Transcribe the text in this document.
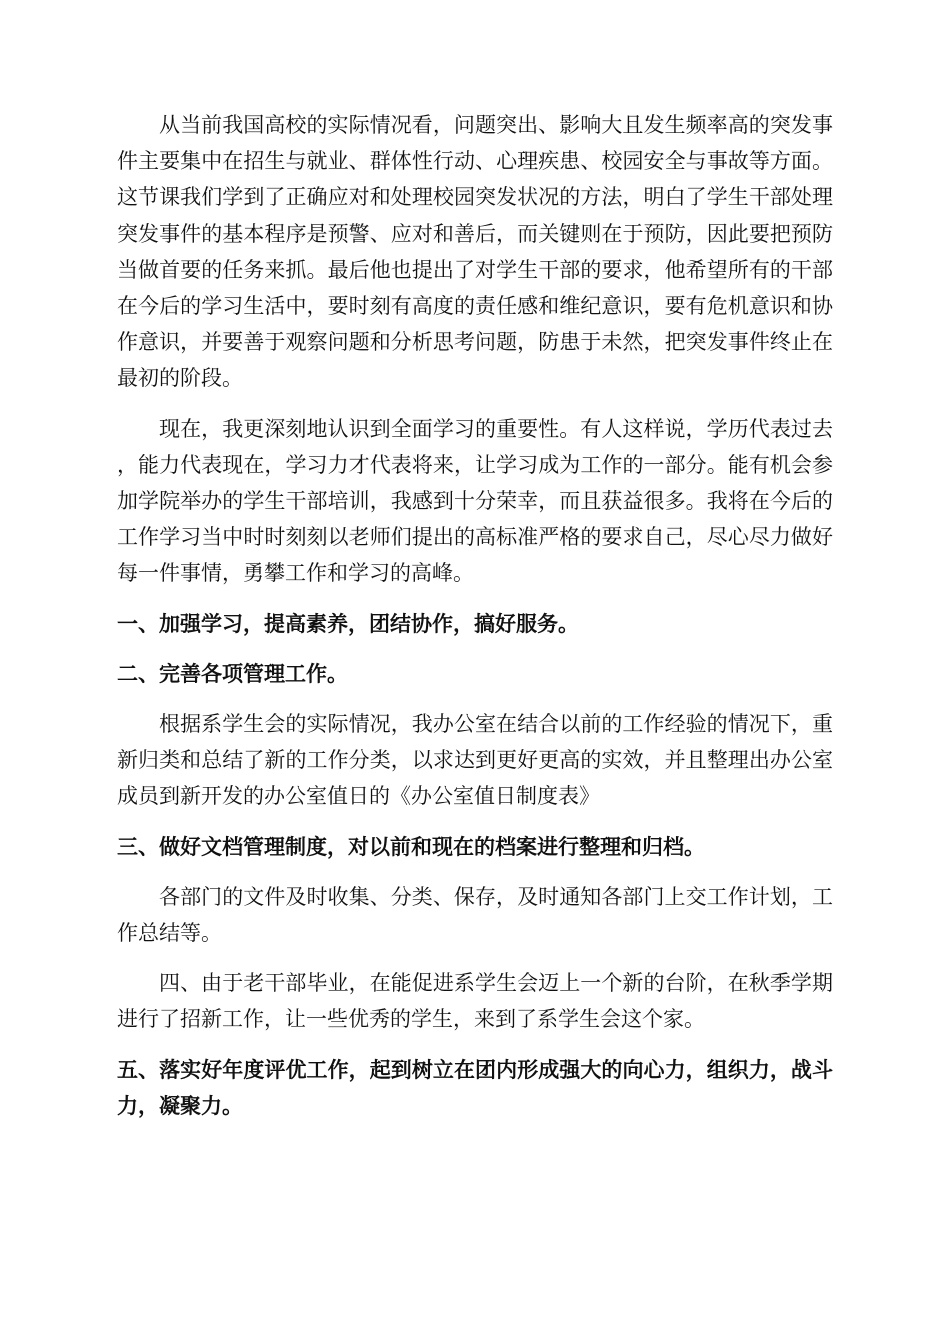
从当前我国高校的实际情况看，问题突出、影响大且发生频率高的突发事件主要集中在招生与就业、群体性行动、心理疾患、校园安全与事故等方面。这节课我们学到了正确应对和处理校园突发状况的方法，明白了学生干部处理突发事件的基本程序是预警、应对和善后，而关键则在于预防，因此要把预防当做首要的任务来抓。最后他也提出了对学生干部的要求，他希望所有的干部在今后的学习生活中，要时刻有高度的责任感和维纪意识，要有危机意识和协作意识，并要善于观察问题和分析思考问题，防患于未然，把突发事件终止在最初的阶段。

现在，我更深刻地认识到全面学习的重要性。有人这样说，学历代表过去，能力代表现在，学习力才代表将来，让学习成为工作的一部分。能有机会参加学院举办的学生干部培训，我感到十分荣幸，而且获益很多。我将在今后的工作学习当中时时刻刻以老师们提出的高标准严格的要求自己，尽心尽力做好每一件事情，勇攀工作和学习的高峰。

一、加强学习，提高素养，团结协作，搞好服务。

二、完善各项管理工作。

根据系学生会的实际情况，我办公室在结合以前的工作经验的情况下，重新归类和总结了新的工作分类，以求达到更好更高的实效，并且整理出办公室成员到新开发的办公室值日的《办公室值日制度表》

三、做好文档管理制度，对以前和现在的档案进行整理和归档。

各部门的文件及时收集、分类、保存，及时通知各部门上交工作计划，工作总结等。

四、由于老干部毕业，在能促进系学生会迈上一个新的台阶，在秋季学期进行了招新工作，让一些优秀的学生，来到了系学生会这个家。

五、落实好年度评优工作，起到树立在团内形成强大的向心力，组织力，战斗力，凝聚力。
